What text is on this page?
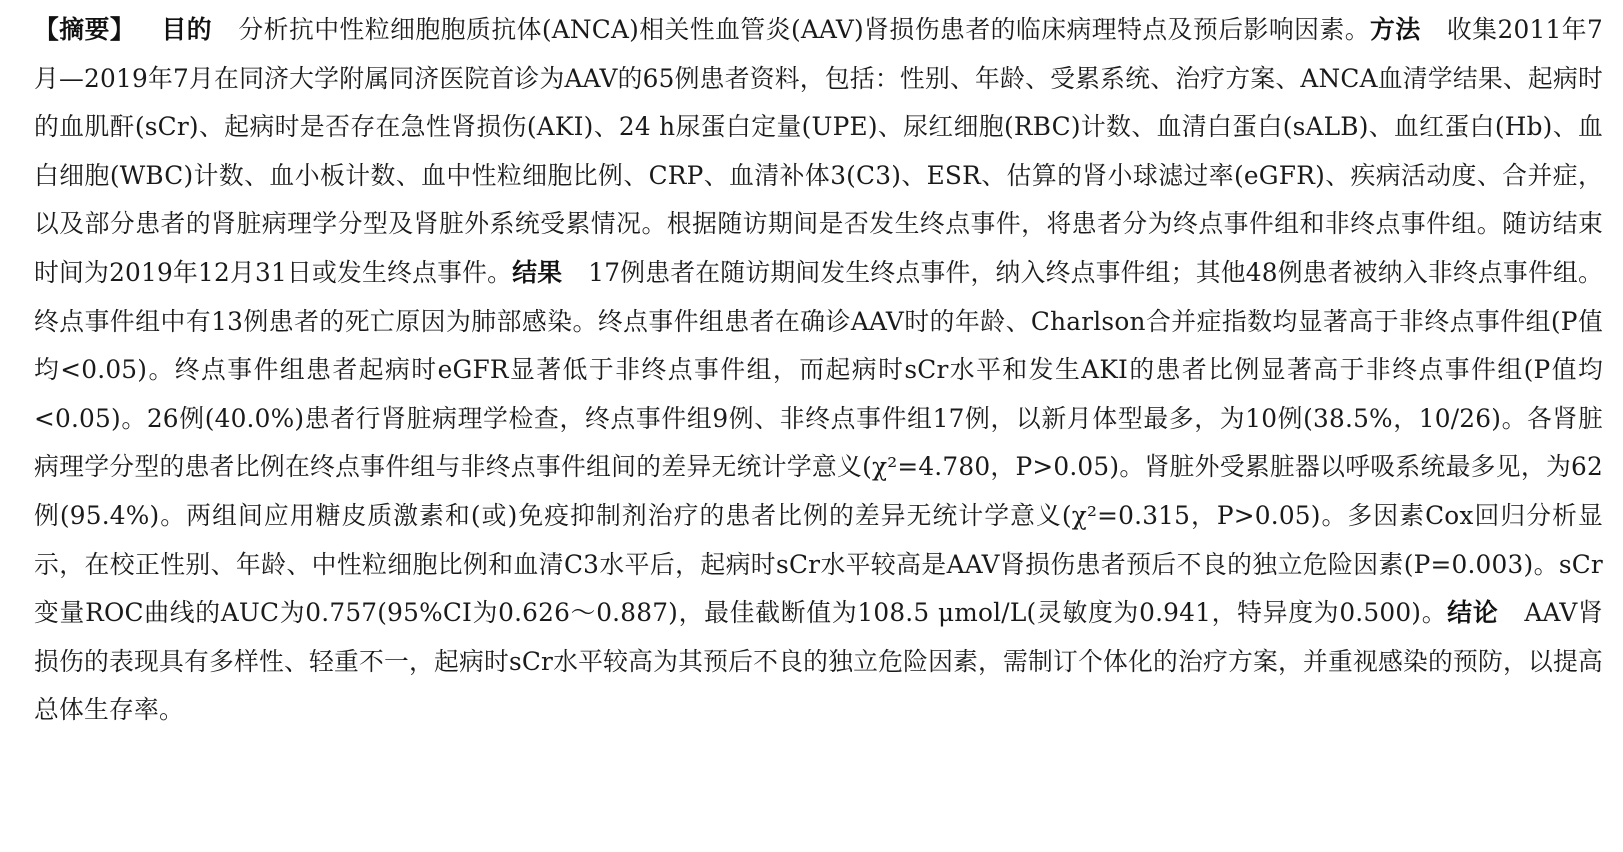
【摘要】 目的 分析抗中性粒细胞胞质抗体(ANCA)相关性血管炎(AAV)肾损伤患者的临床病理特点及预后影响因素。方法 收集2011年7月—2019年7月在同济大学附属同济医院首诊为AAV的65例患者资料，包括：性别、年龄、受累系统、治疗方案、ANCA血清学结果、起病时的血肌酐(sCr)、起病时是否存在急性肾损伤(AKI)、24 h尿蛋白定量(UPE)、尿红细胞(RBC)计数、血清白蛋白(sALB)、血红蛋白(Hb)、血白细胞(WBC)计数、血小板计数、血中性粒细胞比例、CRP、血清补体3(C3)、ESR、估算的肾小球滤过率(eGFR)、疾病活动度、合并症，以及部分患者的肾脏病理学分型及肾脏外系统受累情况。根据随访期间是否发生终点事件，将患者分为终点事件组和非终点事件组。随访结束时间为2019年12月31日或发生终点事件。结果 17例患者在随访期间发生终点事件，纳入终点事件组；其他48例患者被纳入非终点事件组。终点事件组中有13例患者的死亡原因为肺部感染。终点事件组患者在确诊AAV时的年龄、Charlson合并症指数均显著高于非终点事件组(P值均<0.05)。终点事件组患者起病时eGFR显著低于非终点事件组，而起病时sCr水平和发生AKI的患者比例显著高于非终点事件组(P值均<0.05)。26例(40.0%)患者行肾脏病理学检查，终点事件组9例、非终点事件组17例，以新月体型最多，为10例(38.5%，10/26)。各肾脏病理学分型的患者比例在终点事件组与非终点事件组间的差异无统计学意义(χ²=4.780，P>0.05)。肾脏外受累脏器以呼吸系统最多见，为62例(95.4%)。两组间应用糖皮质激素和(或)免疫抑制剂治疗的患者比例的差异无统计学意义(χ²=0.315，P>0.05)。多因素Cox回归分析显示，在校正性别、年龄、中性粒细胞比例和血清C3水平后，起病时sCr水平较高是AAV肾损伤患者预后不良的独立危险因素(P=0.003)。sCr变量ROC曲线的AUC为0.757(95%CI为0.626～0.887)，最佳截断值为108.5 μmol/L(灵敏度为0.941，特异度为0.500)。结论 AAV肾损伤的表现具有多样性、轻重不一，起病时sCr水平较高为其预后不良的独立危险因素，需制订个体化的治疗方案，并重视感染的预防，以提高总体生存率。
